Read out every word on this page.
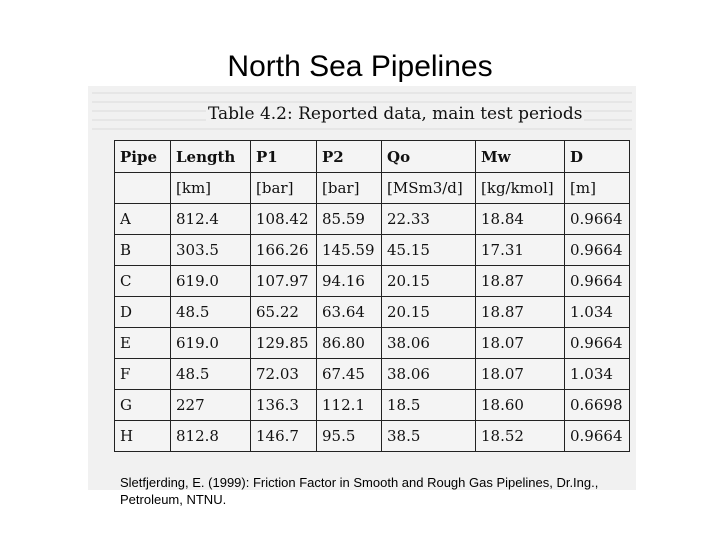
North Sea Pipelines
Table 4.2: Reported data, main test periods
Pipe	Length	P1	P2	Qo	Mw	D
	[km]	[bar]	[bar]	[MSm3/d]	[kg/kmol]	[m]
A	812.4	108.42	85.59	22.33	18.84	0.9664
B	303.5	166.26	145.59	45.15	17.31	0.9664
C	619.0	107.97	94.16	20.15	18.87	0.9664
D	48.5	65.22	63.64	20.15	18.87	1.034
E	619.0	129.85	86.80	38.06	18.07	0.9664
F	48.5	72.03	67.45	38.06	18.07	1.034
G	227	136.3	112.1	18.5	18.60	0.6698
H	812.8	146.7	95.5	38.5	18.52	0.9664
Sletfjerding, E. (1999): Friction Factor in Smooth and Rough Gas Pipelines, Dr.Ing., Petroleum, NTNU.
